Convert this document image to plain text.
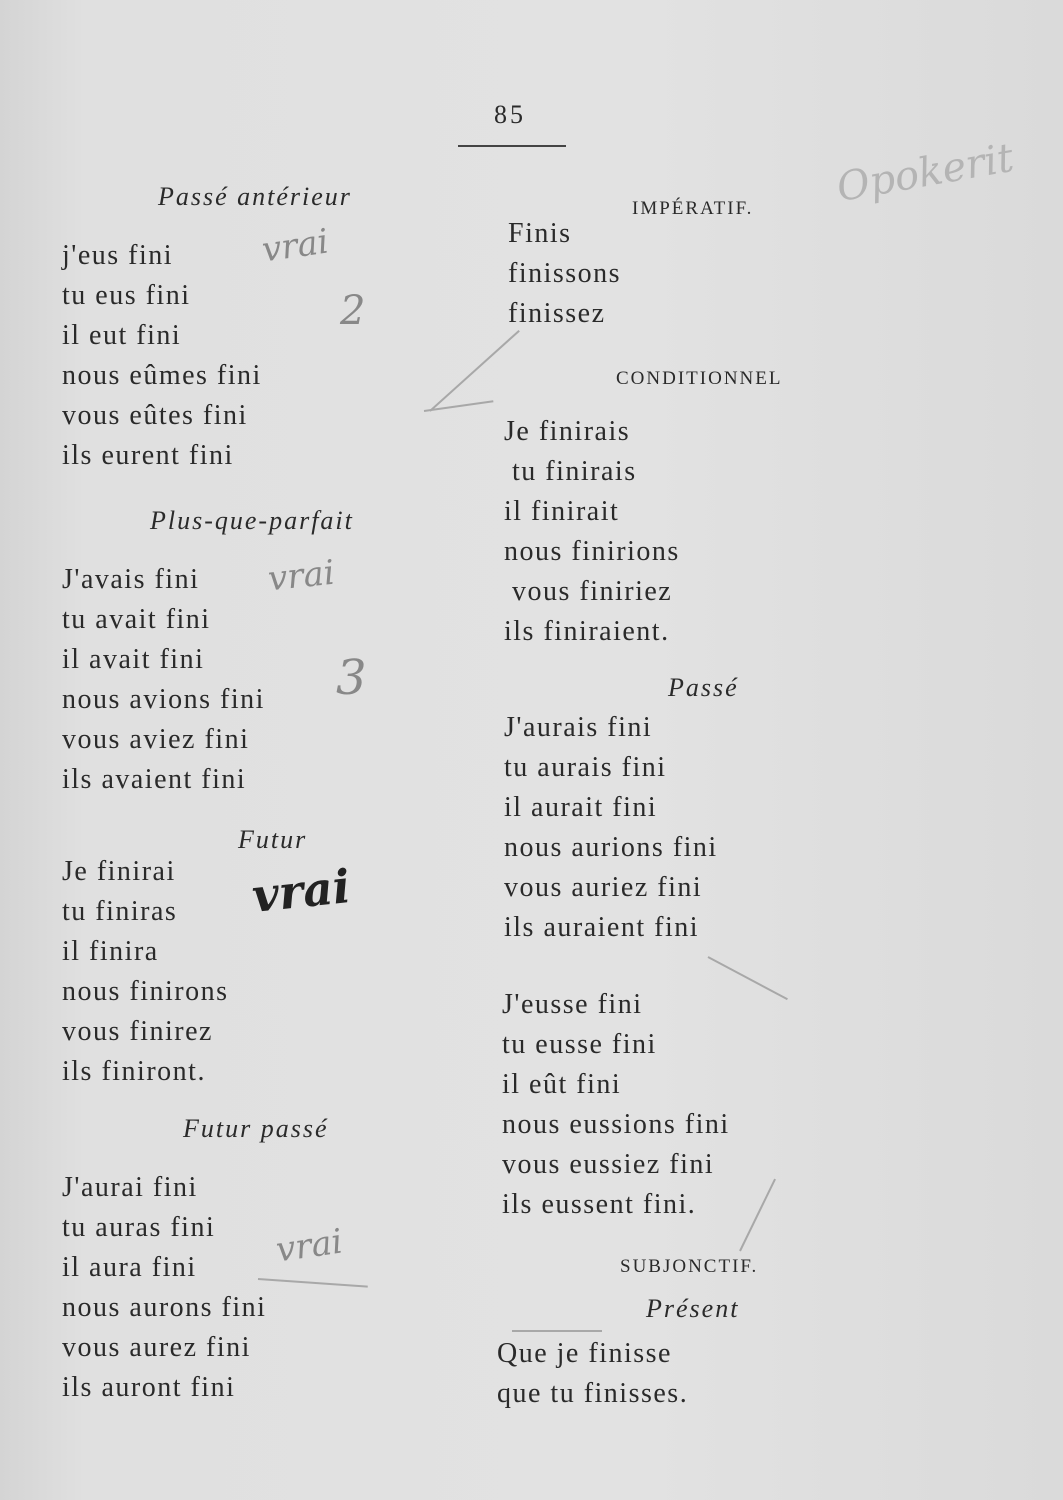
85
Passé antérieur
j'eus fini
tu eus fini
il eut fini
nous eûmes fini
vous eûtes fini
ils eurent fini
Plus-que-parfait
J'avais fini
tu avait fini
il avait fini
nous avions fini
vous aviez fini
ils avaient fini
Futur
Je finirai
tu finiras
il finira
nous finirons
vous finirez
ils finiront.
Futur passé
J'aurai fini
tu auras fini
il aura fini
nous aurons fini
vous aurez fini
ils auront fini
IMPÉRATIF.
Finis
finissons
finissez
CONDITIONNEL
Je finirais
tu finirais
il finirait
nous finirions
vous finiriez
ils finiraient.
Passé
J'aurais fini
tu aurais fini
il aurait fini
nous aurions fini
vous auriez fini
ils auraient fini
J'eusse fini
tu eusse fini
il eût fini
nous eussions fini
vous eussiez fini
ils eussent fini.
SUBJONCTIF.
Présent
Que je finisse
que tu finisses.
vrai
2
vrai
3
vrai
vrai
Opokerit
